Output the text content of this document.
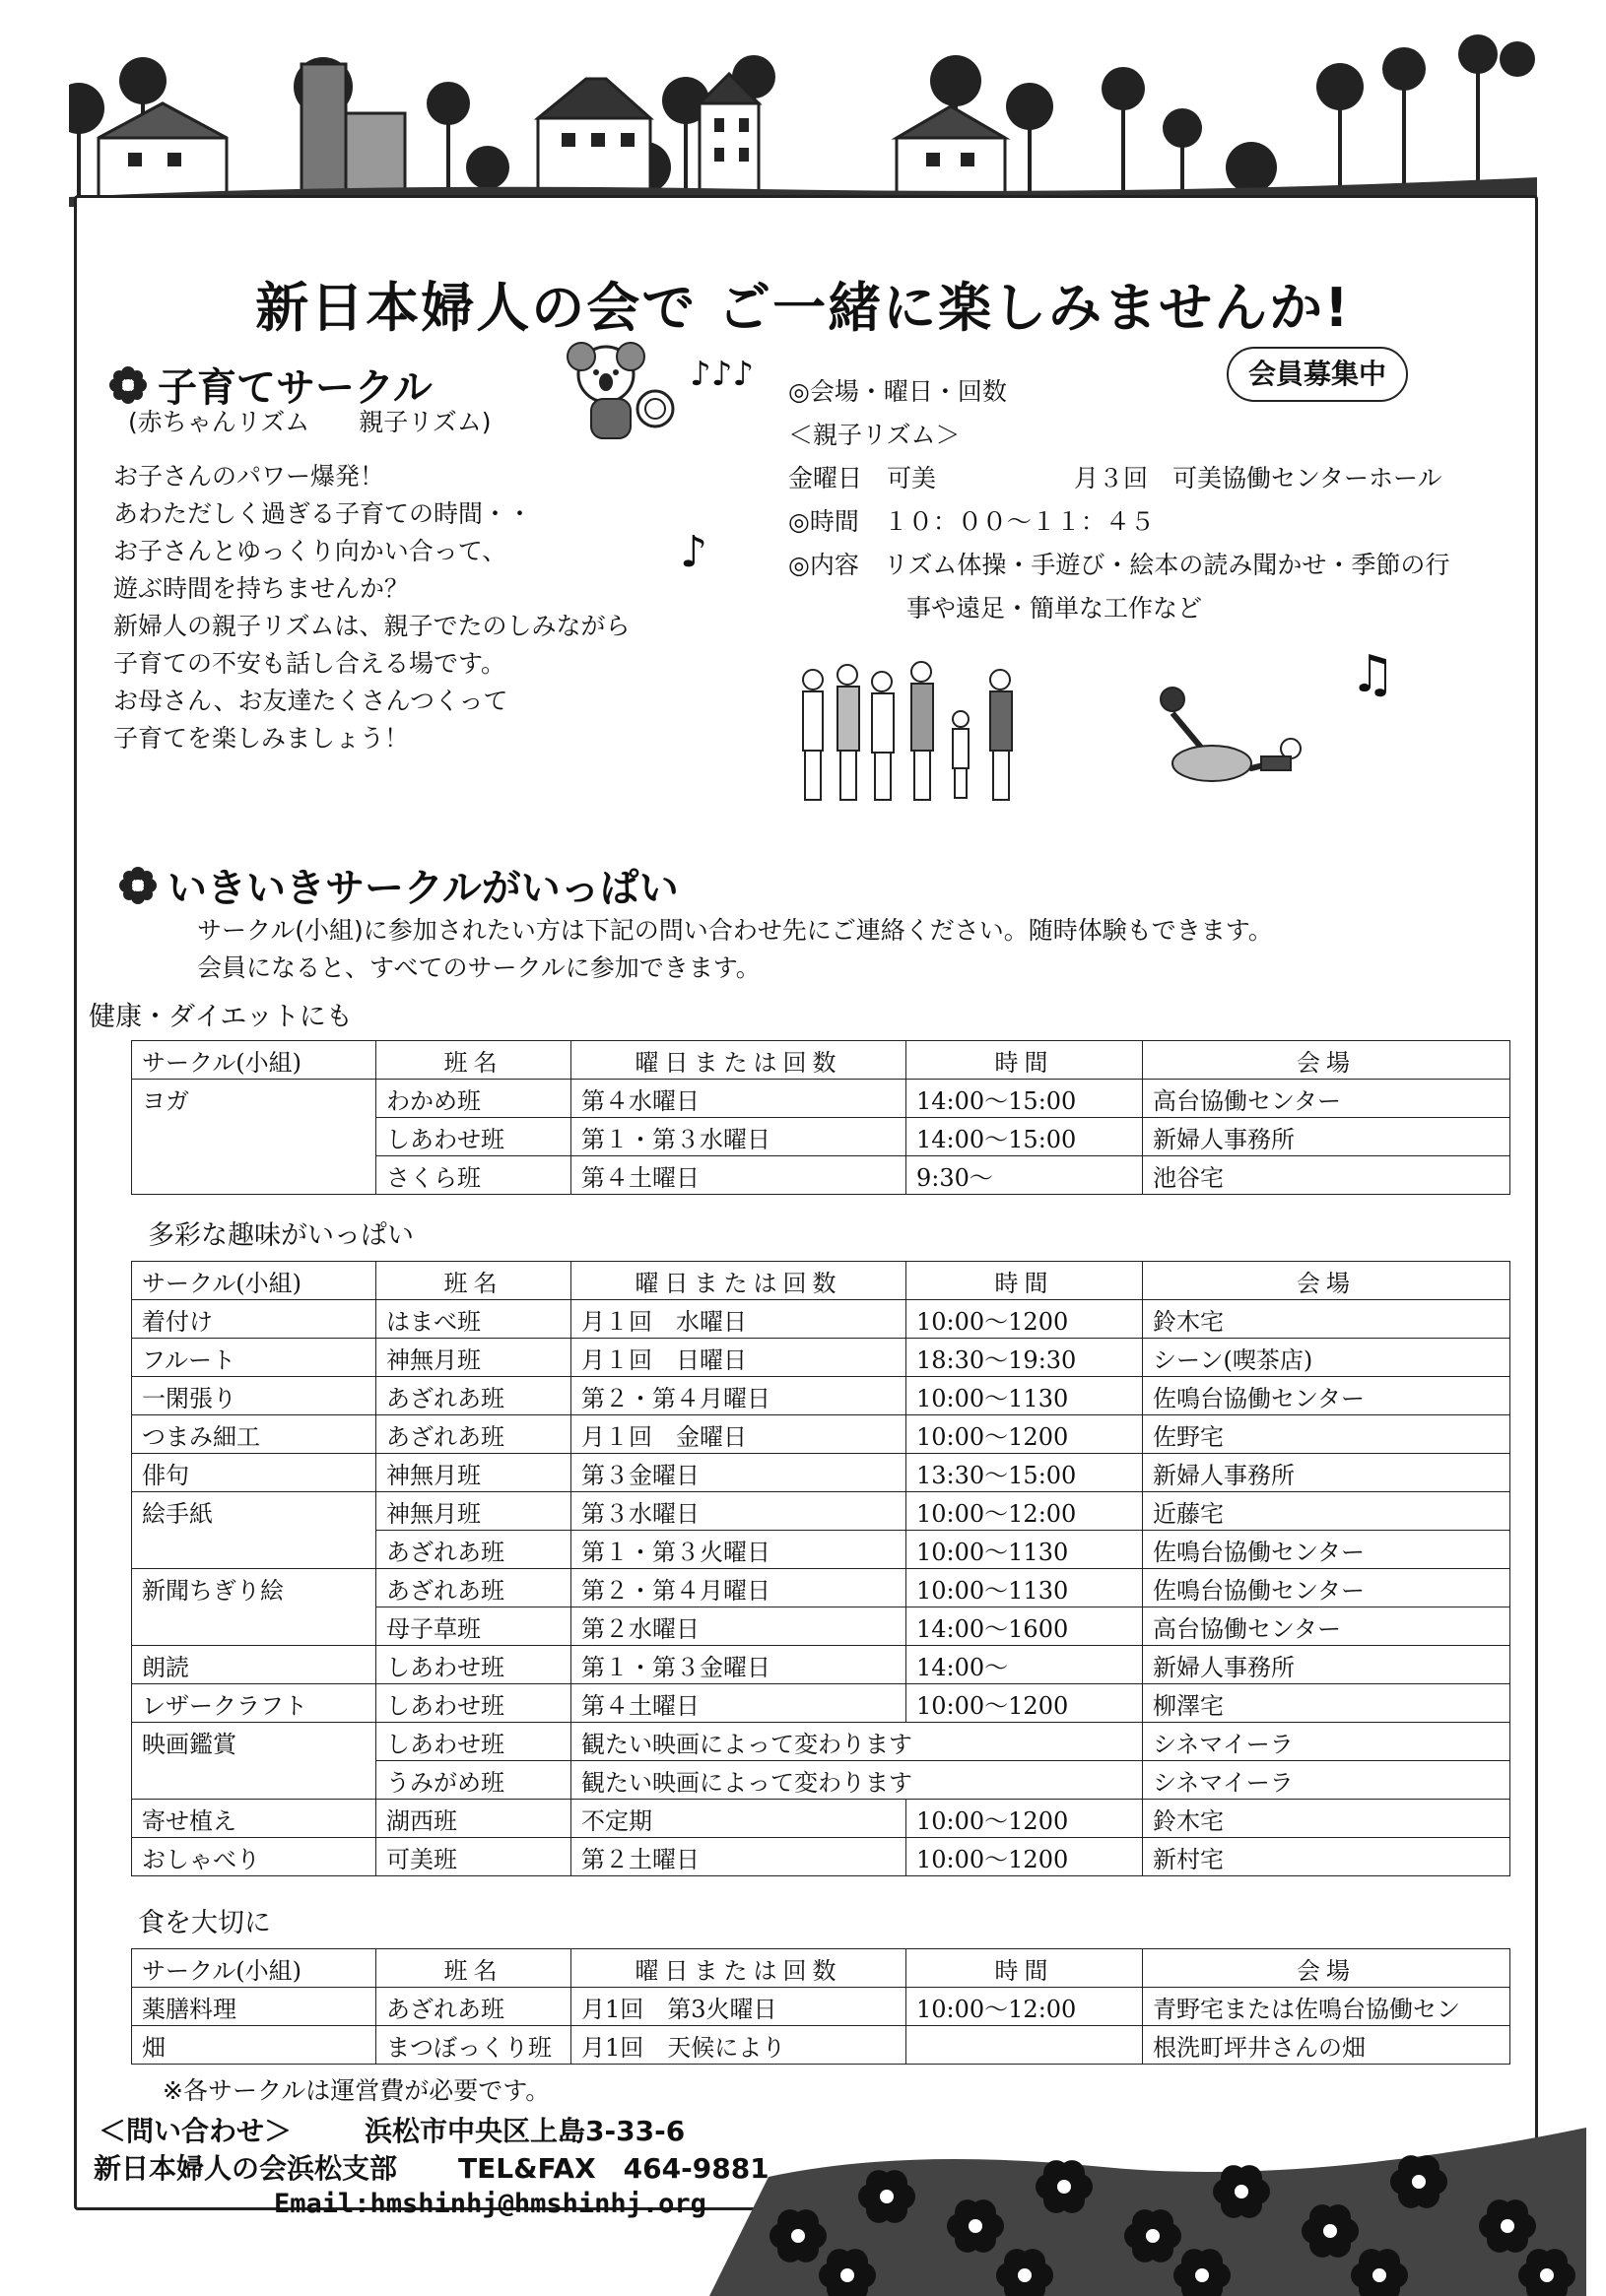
新日本婦人の会で ご一緒に楽しみませんか!
子育てサークル
(赤ちゃんリズム　　親子リズム)
♪♪♪
お子さんのパワー爆発！
あわただしく過ぎる子育ての時間・・
お子さんとゆっくり向かい合って、
遊ぶ時間を持ちませんか？
新婦人の親子リズムは、親子でたのしみながら
子育ての不安も話し合える場です。
お母さん、お友達たくさんつくって
子育てを楽しみましょう！
♪
会員募集中
◎会場・曜日・回数
＜親子リズム＞
金曜日　可美	月３回　可美協働センターホール
◎時間　１０：００～１１：４５
◎内容　リズム体操・手遊び・絵本の読み聞かせ・季節の行
事や遠足・簡単な工作など
♫
いきいきサークルがいっぱい
サークル(小組)に参加されたい方は下記の問い合わせ先にご連絡ください。随時体験もできます。
会員になると、すべてのサークルに参加できます。
健康・ダイエットにも
サークル(小組)	班名	曜日または回数	時間	会場
ヨガ	わかめ班	第４水曜日	14:00～15:00	高台協働センター
	しあわせ班	第１・第３水曜日	14:00～15:00	新婦人事務所
	さくら班	第４土曜日	9:30～	池谷宅
多彩な趣味がいっぱい
サークル(小組)	班名	曜日または回数	時間	会場
着付け	はまべ班	月１回　水曜日	10:00～1200	鈴木宅
フルート	神無月班	月１回　日曜日	18:30～19:30	シーン(喫茶店)
一閑張り	あざれあ班	第２・第４月曜日	10:00～1130	佐鳴台協働センター
つまみ細工	あざれあ班	月１回　金曜日	10:00～1200	佐野宅
俳句	神無月班	第３金曜日	13:30～15:00	新婦人事務所
絵手紙	神無月班	第３水曜日	10:00～12:00	近藤宅
	あざれあ班	第１・第３火曜日	10:00～1130	佐鳴台協働センター
新聞ちぎり絵	あざれあ班	第２・第４月曜日	10:00～1130	佐鳴台協働センター
	母子草班	第２水曜日	14:00～1600	高台協働センター
朗読	しあわせ班	第１・第３金曜日	14:00～	新婦人事務所
レザークラフト	しあわせ班	第４土曜日	10:00～1200	柳澤宅
映画鑑賞	しあわせ班	観たい映画によって変わります		シネマイーラ
	うみがめ班	観たい映画によって変わります		シネマイーラ
寄せ植え	湖西班	不定期	10:00～1200	鈴木宅
おしゃべり	可美班	第２土曜日	10:00～1200	新村宅
食を大切に
サークル(小組)	班名	曜日または回数	時間	会場
薬膳料理	あざれあ班	月1回　第3火曜日	10:00～12:00	青野宅または佐鳴台協働セン
畑	まつぼっくり班	月1回　天候により		根洗町坪井さんの畑
※各サークルは運営費が必要です。
＜問い合わせ＞	浜松市中央区上島3-33-6
新日本婦人の会浜松支部 TEL&FAX　464-9881
Email:hmshinhj@hmshinhj.org
